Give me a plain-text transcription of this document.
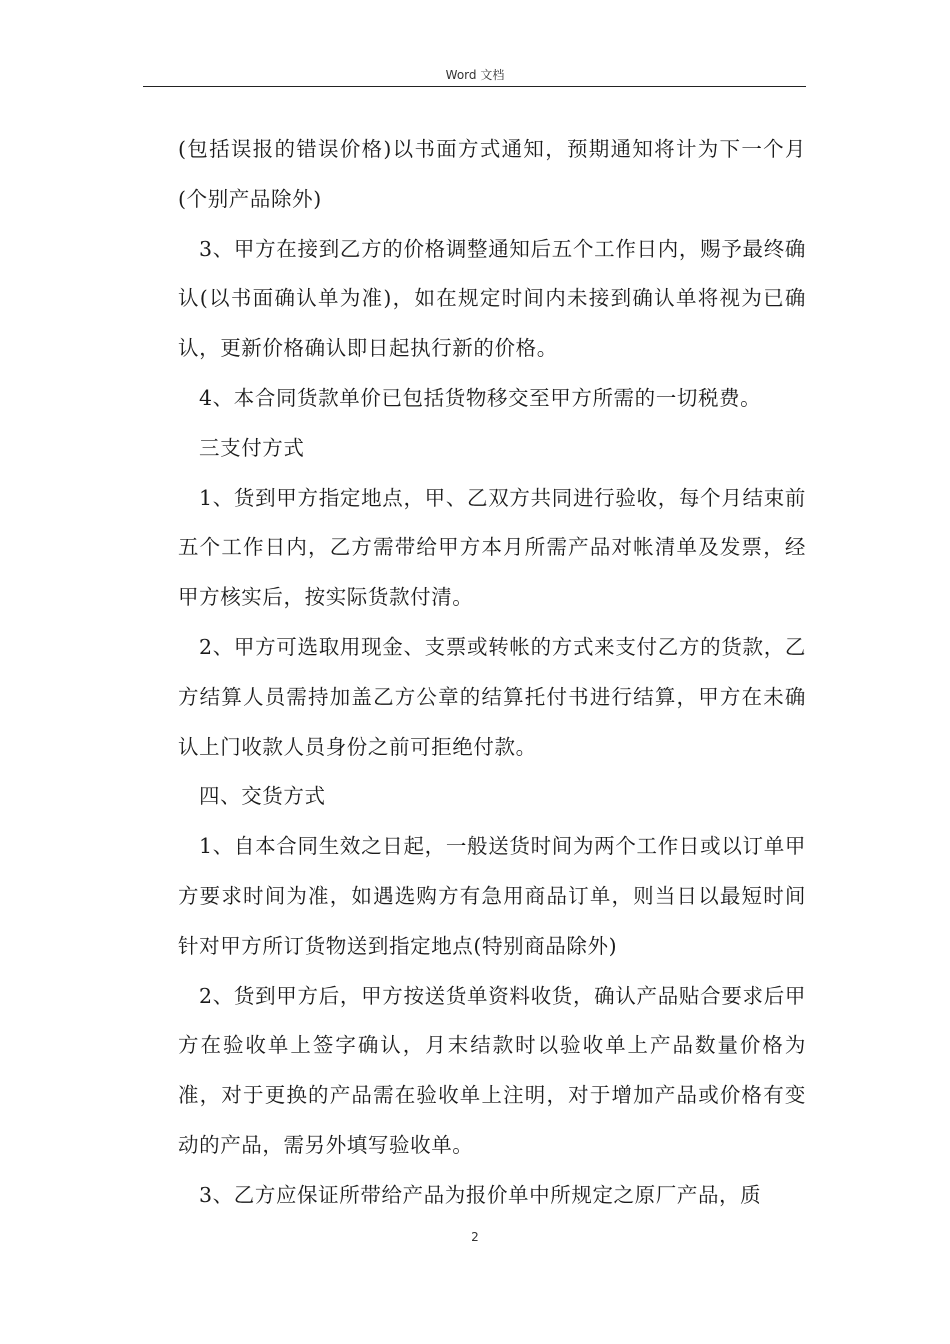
Word 文档

(包括误报的错误价格)以书面方式通知，预期通知将计为下一个月(个别产品除外)

3、甲方在接到乙方的价格调整通知后五个工作日内，赐予最终确认(以书面确认单为准)，如在规定时间内未接到确认单将视为已确认，更新价格确认即日起执行新的价格。

4、本合同货款单价已包括货物移交至甲方所需的一切税费。

三支付方式

1、货到甲方指定地点，甲、乙双方共同进行验收，每个月结束前五个工作日内，乙方需带给甲方本月所需产品对帐清单及发票，经甲方核实后，按实际货款付清。

2、甲方可选取用现金、支票或转帐的方式来支付乙方的货款，乙方结算人员需持加盖乙方公章的结算托付书进行结算，甲方在未确认上门收款人员身份之前可拒绝付款。

四、交货方式

1、自本合同生效之日起，一般送货时间为两个工作日或以订单甲方要求时间为准，如遇选购方有急用商品订单，则当日以最短时间针对甲方所订货物送到指定地点(特别商品除外)

2、货到甲方后，甲方按送货单资料收货，确认产品贴合要求后甲方在验收单上签字确认，月末结款时以验收单上产品数量价格为准，对于更换的产品需在验收单上注明，对于增加产品或价格有变动的产品，需另外填写验收单。

3、乙方应保证所带给产品为报价单中所规定之原厂产品，质

2
